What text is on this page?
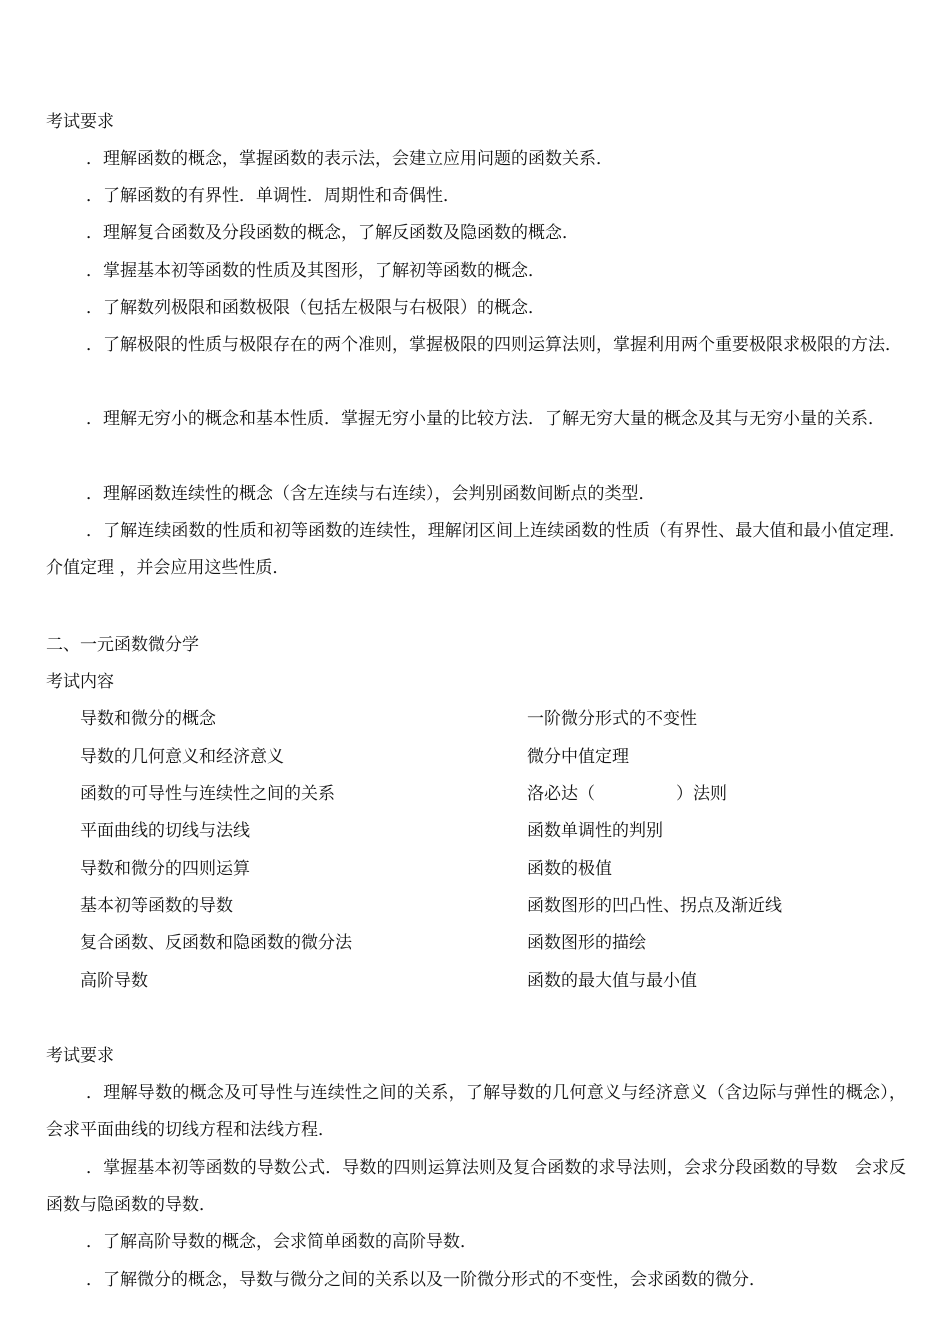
考试要求

．理解函数的概念，掌握函数的表示法，会建立应用问题的函数关系．

．了解函数的有界性．单调性．周期性和奇偶性．

．理解复合函数及分段函数的概念，了解反函数及隐函数的概念．

．掌握基本初等函数的性质及其图形，了解初等函数的概念．

．了解数列极限和函数极限（包括左极限与右极限）的概念．

．了解极限的性质与极限存在的两个准则，掌握极限的四则运算法则，掌握利用两个重要极限求极限的方法．

．理解无穷小的概念和基本性质．掌握无穷小量的比较方法．了解无穷大量的概念及其与无穷小量的关系．

．理解函数连续性的概念（含左连续与右连续），会判别函数间断点的类型．

．了解连续函数的性质和初等函数的连续性，理解闭区间上连续函数的性质（有界性、最大值和最小值定理．介值定理 ，并会应用这些性质．

二、一元函数微分学
考试内容
导数和微分的概念
导数的几何意义和经济意义
函数的可导性与连续性之间的关系
平面曲线的切线与法线
导数和微分的四则运算
基本初等函数的导数
复合函数、反函数和隐函数的微分法
高阶导数
一阶微分形式的不变性
微分中值定理
洛必达（               ）法则
函数单调性的判别
函数的极值
函数图形的凹凸性、拐点及渐近线
函数图形的描绘
函数的最大值与最小值
考试要求

．理解导数的概念及可导性与连续性之间的关系，了解导数的几何意义与经济意义（含边际与弹性的概念），会求平面曲线的切线方程和法线方程．

．掌握基本初等函数的导数公式．导数的四则运算法则及复合函数的求导法则，会求分段函数的导数　会求反函数与隐函数的导数．

．了解高阶导数的概念，会求简单函数的高阶导数．

．了解微分的概念，导数与微分之间的关系以及一阶微分形式的不变性，会求函数的微分．
